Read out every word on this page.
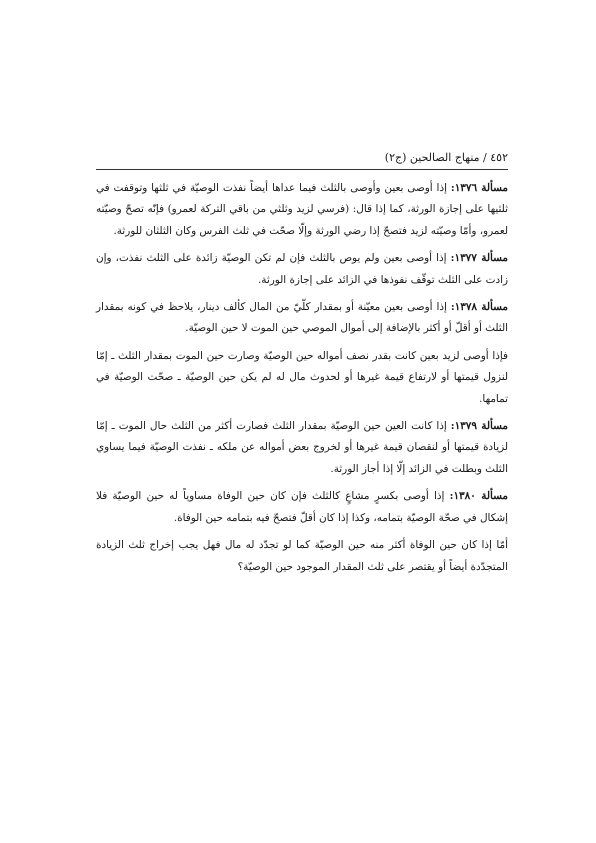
٤٥٢ / منهاج الصالحين (ج٢)

مسألة ١٣٧٦: إذا أوصى بعين وأوصى بالثلث فيما عداها أيضاً نفذت الوصيّة في ثلثها وتوقفت في ثلثيها على إجازة الورثة، كما إذا قال: (فرسي لزيد وثلثي من باقي التركة لعمرو) فإنّه تصحّ وصيّته لعمرو، وأمّا وصيّته لزيد فتصحّ إذا رضي الورثة وإلّا صحّت في ثلث الفرس وكان الثلثان للورثة.

مسألة ١٣٧٧: إذا أوصى بعين ولم يوص بالثلث فإن لم تكن الوصيّة زائدة على الثلث نفذت، وإن زادت على الثلث توقّف نفوذها في الزائد على إجازة الورثة.

مسألة ١٣٧٨: إذا أوصى بعين معيّنة أو بمقدار كلّيّ من المال كألف دينار، يلاحظ في كونه بمقدار الثلث أو أقلّ أو أكثر بالإضافة إلى أموال الموصي حين الموت لا حين الوصيّة.

فإذا أوصى لزيد بعين كانت بقدر نصف أمواله حين الوصيّة وصارت حين الموت بمقدار الثلث ـ إمّا لنزول قيمتها أو لارتفاع قيمة غيرها أو لحدوث مال له لم يكن حين الوصيّة ـ صحّت الوصيّة في تمامها.

مسألة ١٣٧٩: إذا كانت العين حين الوصيّة بمقدار الثلث فصارت أكثر من الثلث حال الموت ـ إمّا لزيادة قيمتها أو لنقصان قيمة غيرها أو لخروج بعض أمواله عن ملكه ـ نفذت الوصيّة فيما يساوي الثلث وبطلت في الزائد إلّا إذا أجاز الورثة.

مسألة ١٣٨٠: إذا أوصى بكسرٍ مشاعٍ كالثلث فإن كان حين الوفاة مساوياً له حين الوصيّة فلا إشكال في صحّة الوصيّة بتمامه، وكذا إذا كان أقلّ فتصحّ فيه بتمامه حين الوفاة.

أمّا إذا كان حين الوفاة أكثر منه حين الوصيّة كما لو تجدّد له مال فهل يجب إخراج ثلث الزيادة المتجدّدة أيضاً أو يقتصر على ثلث المقدار الموجود حين الوصيّة؟
